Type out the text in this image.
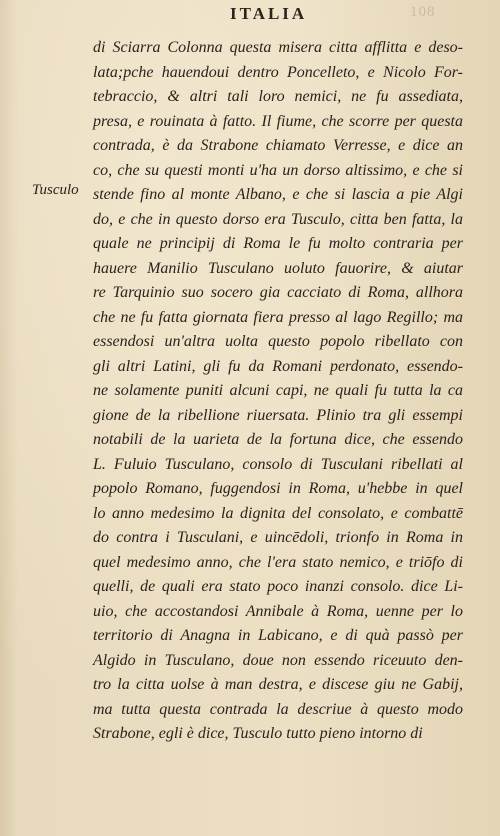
ITALIA	108
Tusculo
di Sciarra Colonna questa misera citta afflitta e deso-
lata;pche hauendoui dentro Poncelleto, e Nicolo For-
tebraccio, & altri tali loro nemici, ne fu assediata,
presa, e rouinata à fatto. Il fiume, che scorre per questa
contrada, è da Strabone chiamato Verresse, e dice an
co, che su questi monti u'ha un dorso altissimo, e che si
stende fino al monte Albano, e che si lascia a pie Algi
do, e che in questo dorso era Tusculo, citta ben fatta, la
quale ne principij di Roma le fu molto contraria per
hauere Manilio Tusculano uoluto fauorire, & aiutar
re Tarquinio suo socero gia cacciato di Roma, allhora
che ne fu fatta giornata fiera presso al lago Regillo; ma
essendosi un'altra uolta questo popolo ribellato con
gli altri Latini, gli fu da Romani perdonato, essendo-
ne solamente puniti alcuni capi, ne quali fu tutta la ca
gione de la ribellione riuersata. Plinio tra gli essempi
notabili de la uarieta de la fortuna dice, che essendo
L. Fuluio Tusculano, consolo di Tusculani ribellati al
popolo Romano, fuggendosi in Roma, u'hebbe in quel
lo anno medesimo la dignita del consolato, e combattē
do contra i Tusculani, e uincēdoli, trionfo in Roma in
quel medesimo anno, che l'era stato nemico, e triōfo di
quelli, de quali era stato poco inanzi consolo. dice Li-
uio, che accostandosi Annibale à Roma, uenne per lo
territorio di Anagna in Labicano, e di quà passò per
Algido in Tusculano, doue non essendo riceuuto den-
tro la citta uolse à man destra, e discese giu ne Gabij,
ma tutta questa contrada la descriue à questo modo
Strabone, egli è dice, Tusculo tutto pieno intorno di
